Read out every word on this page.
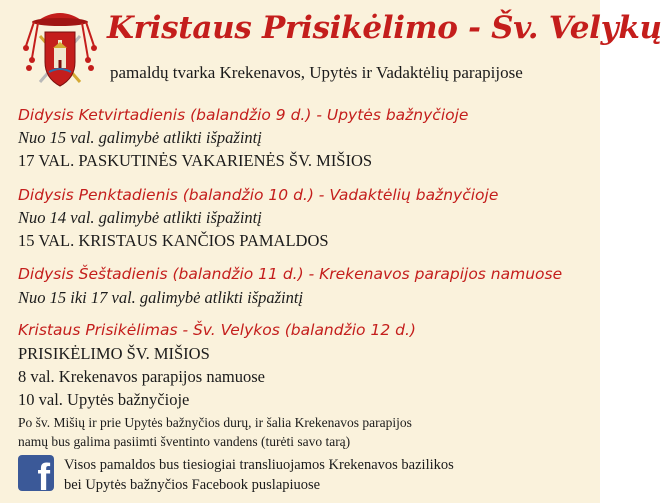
Kristaus Prisikėlimo - Šv. Velykų
pamaldų tvarka Krekenavos, Upytės ir Vadaktėlių parapijose
Didysis Ketvirtadienis (balandžio 9 d.) - Upytės bažnyčioje
Nuo 15 val. galimybė atlikti išpažintį
17 VAL. PASKUTINĖS VAKARIENĖS ŠV. MIŠIOS
Didysis Penktadienis (balandžio 10 d.) - Vadaktėlių bažnyčioje
Nuo 14 val. galimybė atlikti išpažintį
15 VAL. KRISTAUS KANČIOS PAMALDOS
Didysis Šeštadienis (balandžio 11 d.) - Krekenavos parapijos namuose
Nuo 15 iki 17 val. galimybė atlikti išpažintį
Kristaus Prisikėlimas - Šv. Velykos (balandžio 12 d.)
PRISIKĖLIMO ŠV. MIŠIOS
8 val. Krekenavos parapijos namuose
10 val. Upytės bažnyčioje
Po šv. Mišių ir prie Upytės bažnyčios durų, ir šalia Krekenavos parapijos
namų bus galima pasiimti šventinto vandens (turėti savo tarą)
f Visos pamaldos bus tiesiogiai transliuojamos Krekenavos bazilikos
bei Upytės bažnyčios Facebook puslapiuose
